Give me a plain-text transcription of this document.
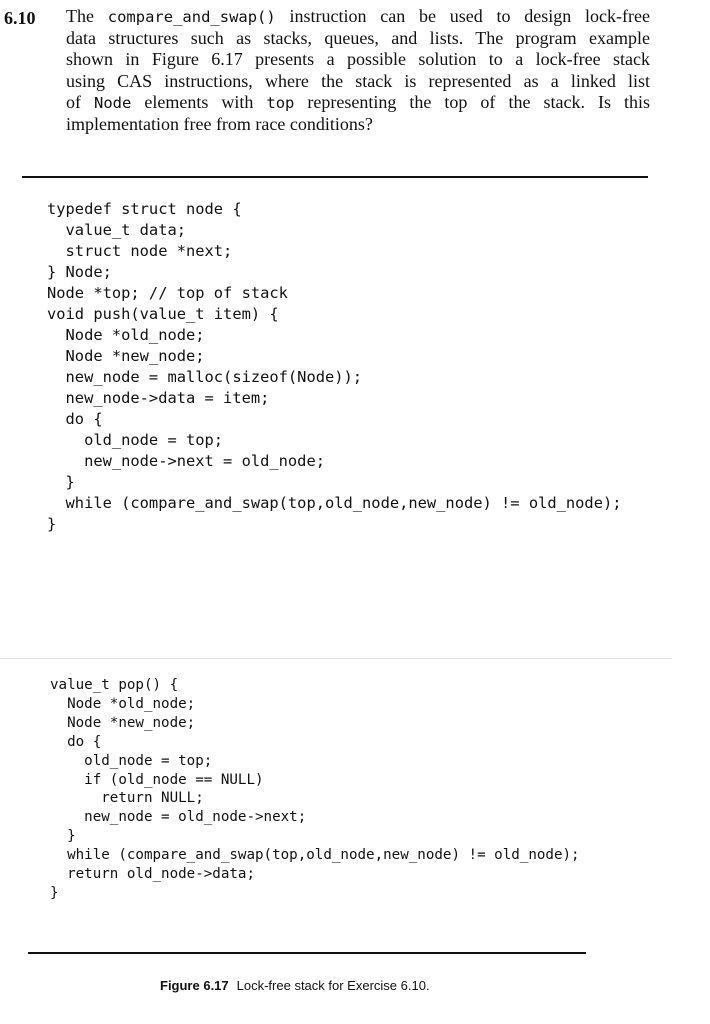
6.10 The compare_and_swap() instruction can be used to design lock-free
data structures such as stacks, queues, and lists. The program example
shown in Figure 6.17 presents a possible solution to a lock-free stack
using CAS instructions, where the stack is represented as a linked list
of Node elements with top representing the top of the stack. Is this
implementation free from race conditions?
typedef struct node {
value_t data;
struct node *next;
} Node;
Node *top; // top of stack
void push(value_t item) {
Node *old_node;
Node *new_node;
new_node = malloc(sizeof(Node));
new_node->data = item;
do {
old_node = top;
new_node->next = old_node;
}
while (compare_and_swap(top,old_node,new_node) != old_node);
}
value_t pop() {
Node *old_node;
Node *new_node;
do {
old_node = top;
if (old_node == NULL)
return NULL;
new_node = old_node->next;
}
while (compare_and_swap(top,old_node,new_node) != old_node);
return old_node->data;
}
Figure 6.17 Lock-free stack for Exercise 6.10.
